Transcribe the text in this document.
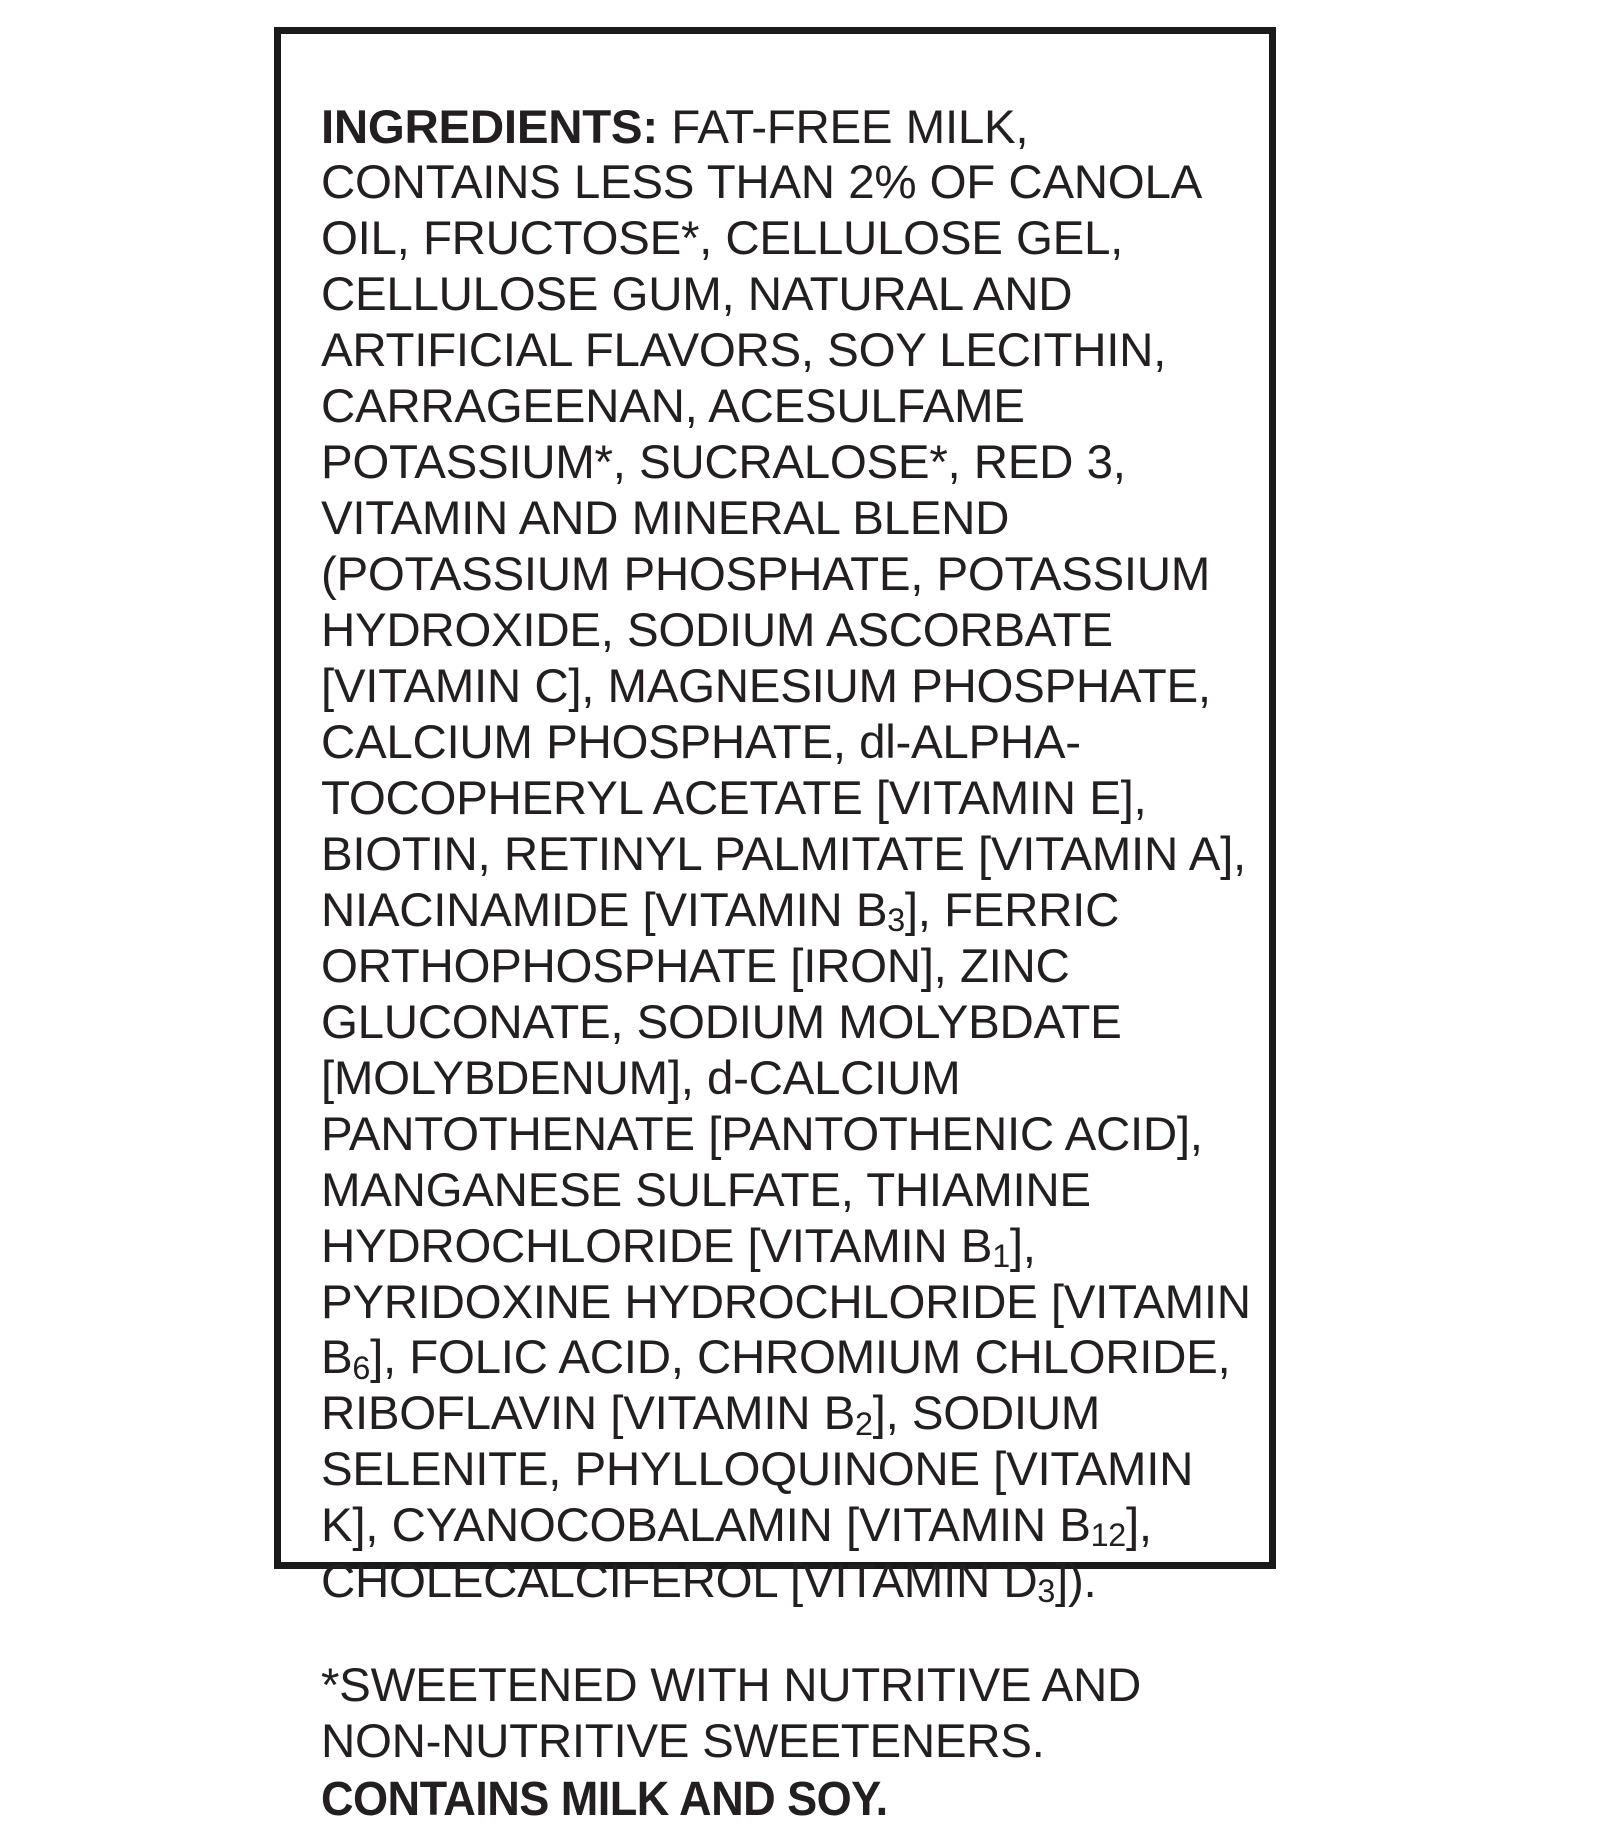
INGREDIENTS: FAT-FREE MILK, CONTAINS LESS THAN 2% OF CANOLA OIL, FRUCTOSE*, CELLULOSE GEL, CELLULOSE GUM, NATURAL AND ARTIFICIAL FLAVORS, SOY LECITHIN, CARRAGEENAN, ACESULFAME POTASSIUM*, SUCRALOSE*, RED 3, VITAMIN AND MINERAL BLEND (POTASSIUM PHOSPHATE, POTASSIUM HYDROXIDE, SODIUM ASCORBATE [VITAMIN C], MAGNESIUM PHOSPHATE, CALCIUM PHOSPHATE, dl-ALPHA-TOCOPHERYL ACETATE [VITAMIN E], BIOTIN, RETINYL PALMITATE [VITAMIN A], NIACINAMIDE [VITAMIN $B_3$], FERRIC ORTHOPHOSPHATE [IRON], ZINC GLUCONATE, SODIUM MOLYBDATE [MOLYBDENUM], d-CALCIUM PANTOTHENATE [PANTOTHENIC ACID], MANGANESE SULFATE, THIAMINE HYDROCHLORIDE [VITAMIN $B_1$], PYRIDOXINE HYDROCHLORIDE [VITAMIN $B_6$], FOLIC ACID, CHROMIUM CHLORIDE, RIBOFLAVIN [VITAMIN $B_2$], SODIUM SELENITE, PHYLLOQUINONE [VITAMIN K], CYANOCOBALAMIN [VITAMIN $B_{12}$], CHOLECALCIFEROL [VITAMIN $D_3$]).

*SWEETENED WITH NUTRITIVE AND NON-NUTRITIVE SWEETENERS.
CONTAINS MILK AND SOY.
